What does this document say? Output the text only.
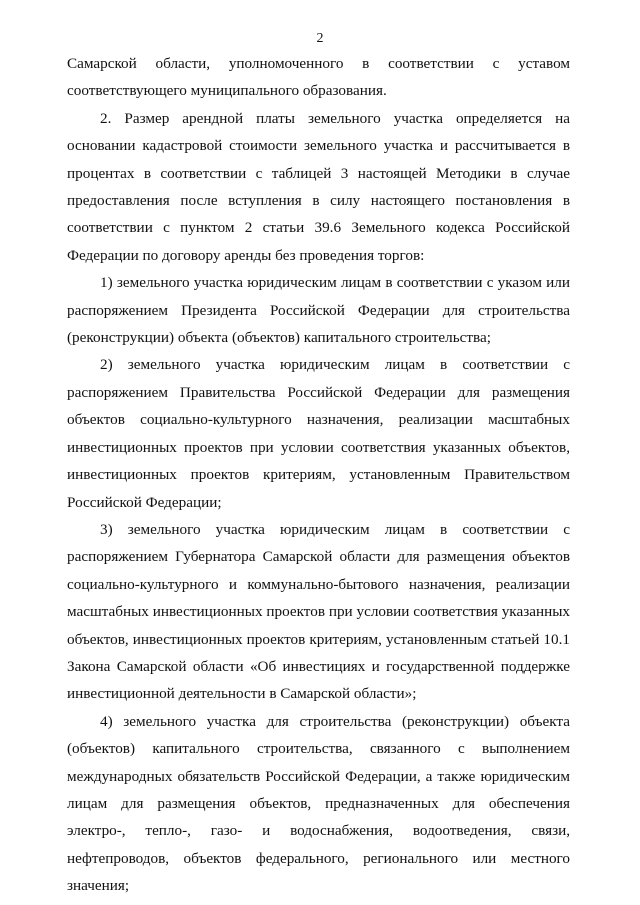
2

Самарской области, уполномоченного в соответствии с уставом соответствующего муниципального образования.

2. Размер арендной платы земельного участка определяется на основании кадастровой стоимости земельного участка и рассчитывается в процентах в соответствии с таблицей 3 настоящей Методики в случае предоставления после вступления в силу настоящего постановления в соответствии с пунктом 2 статьи 39.6 Земельного кодекса Российской Федерации по договору аренды без проведения торгов:

1) земельного участка юридическим лицам в соответствии с указом или распоряжением Президента Российской Федерации для строительства (реконструкции) объекта (объектов) капитального строительства;

2) земельного участка юридическим лицам в соответствии с распоряжением Правительства Российской Федерации для размещения объектов социально-культурного назначения, реализации масштабных инвестиционных проектов при условии соответствия указанных объектов, инвестиционных проектов критериям, установленным Правительством Российской Федерации;

3) земельного участка юридическим лицам в соответствии с распоряжением Губернатора Самарской области для размещения объектов социально-культурного и коммунально-бытового назначения, реализации масштабных инвестиционных проектов при условии соответствия указанных объектов, инвестиционных проектов критериям, установленным статьей 10.1 Закона Самарской области «Об инвестициях и государственной поддержке инвестиционной деятельности в Самарской области»;

4) земельного участка для строительства (реконструкции) объекта (объектов) капитального строительства, связанного с выполнением международных обязательств Российской Федерации, а также юридическим лицам для размещения объектов, предназначенных для обеспечения электро-, тепло-, газо- и водоснабжения, водоотведения, связи, нефтепроводов, объектов федерального, регионального или местного значения;
